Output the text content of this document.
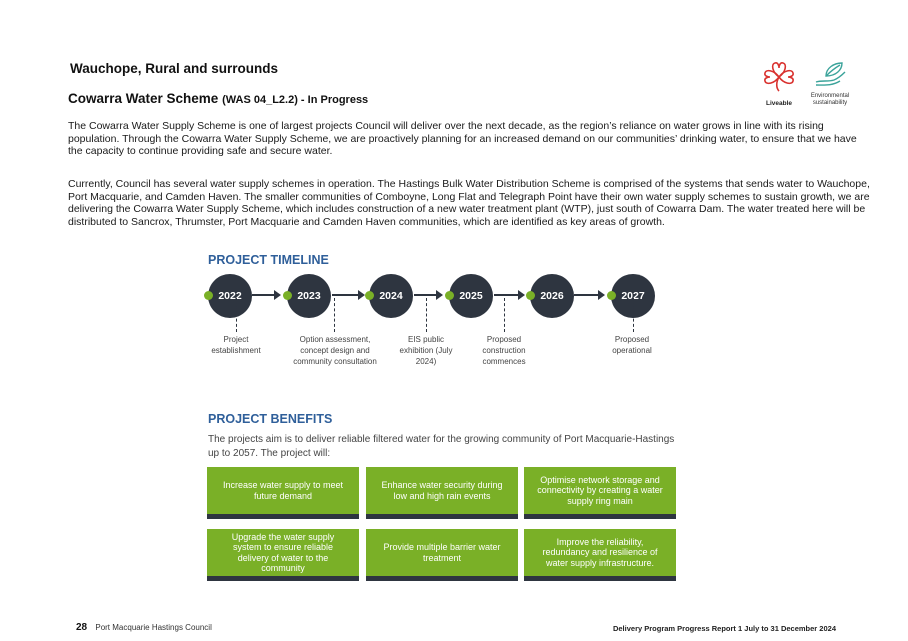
Wauchope, Rural and surrounds
Cowarra Water Scheme (WAS 04_L2.2) - In Progress	Liveable
Environmental
sustainability

The Cowarra Water Supply Scheme is one of largest projects Council will deliver over the next decade, as the region’s reliance on water grows in line with its rising population. Through the Cowarra Water Supply Scheme, we are proactively planning for an increased demand on our communities’ drinking water, to ensure that we have the capacity to continue providing safe and secure water.

Currently, Council has several water supply schemes in operation. The Hastings Bulk Water Distribution Scheme is comprised of the systems that sends water to Wauchope, Port Macquarie, and Camden Haven. The smaller communities of Comboyne, Long Flat and Telegraph Point have their own water supply schemes to sustain growth, we are delivering the Cowarra Water Supply Scheme, which includes construction of a new water treatment plant (WTP), just south of Cowarra Dam. The water treated here will be distributed to Sancrox, Thrumster, Port Macquarie and Camden Haven communities, which are identified as key areas of growth.

PROJECT TIMELINE
2022	2023	2024	2025	2026	2027
Project establishment
Option assessment, concept design and community consultation
EIS public exhibition (July 2024)
Proposed construction commences
Proposed operational
PROJECT BENEFITS

The projects aim is to deliver reliable filtered water for the growing community of Port Macquarie-Hastings up to 2057. The project will:

Increase water supply to meet future demand
Enhance water security during low and high rain events
Optimise network storage and connectivity by creating a water supply ring main
Upgrade the water supply system to ensure reliable delivery of water to the community
Provide multiple barrier water treatment
Improve the reliability, redundancy and resilience of water supply infrastructure.
28 Port Macquarie Hastings Council	Delivery Program Progress Report 1 July to 31 December 2024
